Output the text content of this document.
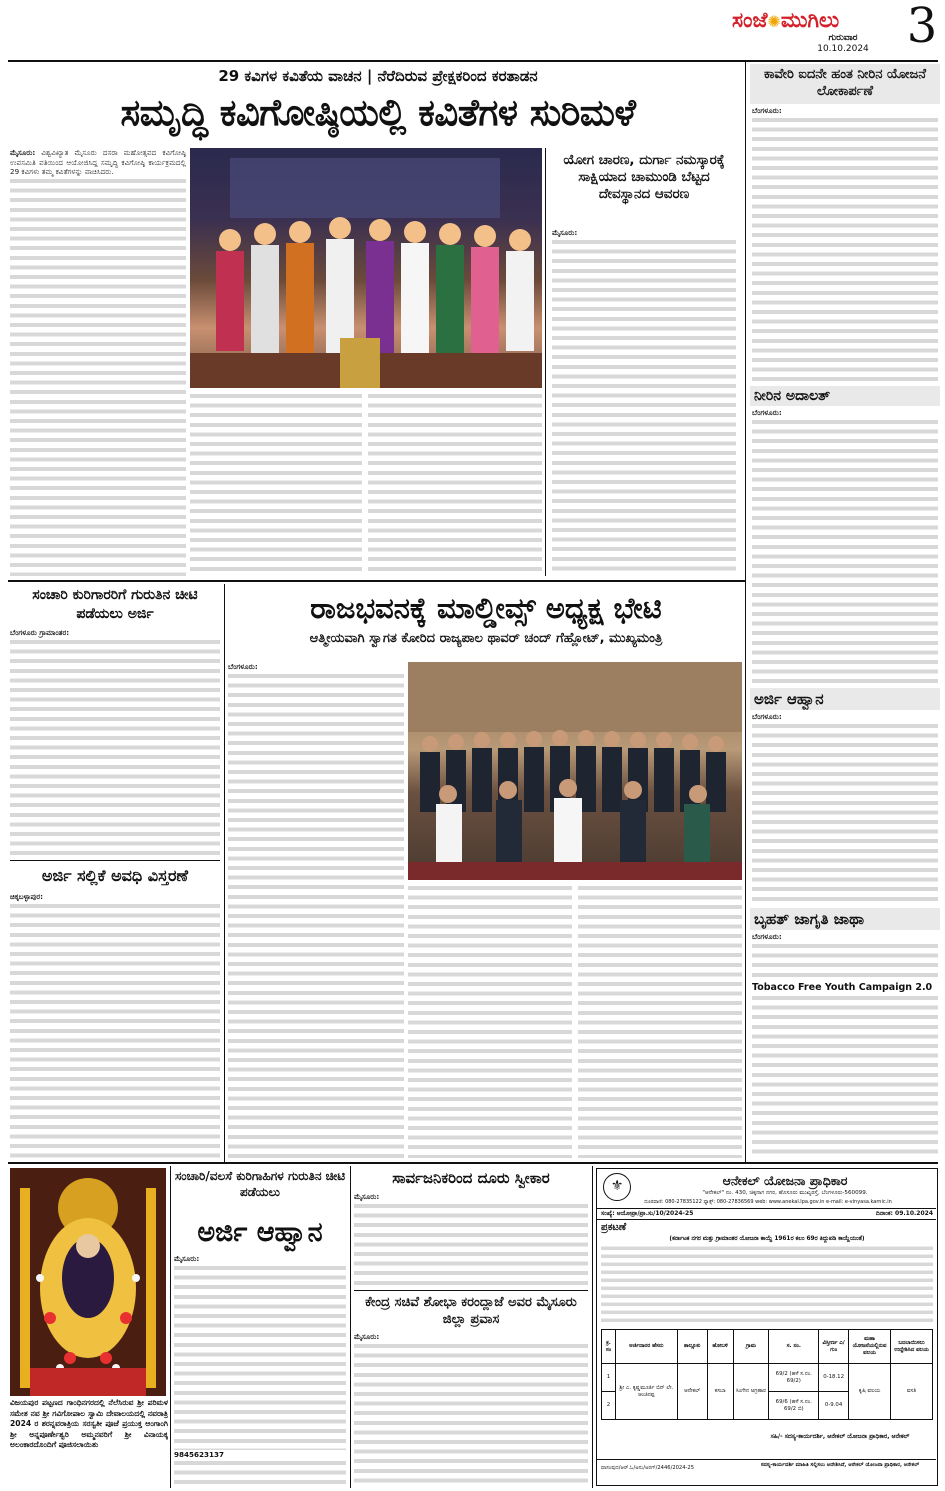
ಸಂಜೆ✺ಮುಗಿಲು
ಗುರುವಾರ
10.10.2024 3
29 ಕವಿಗಳ ಕವಿತೆಯ ವಾಚನ | ನೆರೆದಿರುವ ಪ್ರೇಕ್ಷಕರಿಂದ ಕರತಾಡನ
ಸಮೃದ್ಧಿ ಕವಿಗೋಷ್ಠಿಯಲ್ಲಿ ಕವಿತೆಗಳ ಸುರಿಮಳೆ
ಮೈಸೂರು: ವಿಶ್ವವಿಖ್ಯಾತ ಮೈಸೂರು ದಸರಾ ಮಹೋತ್ಸವದ ಕವಿಗೋಷ್ಠಿ ಉಪಸಮಿತಿ ವತಿಯಿಂದ ಆಯೋಜಿಸಿದ್ದ ಸಮೃದ್ಧಿ ಕವಿಗೋಷ್ಠಿ ಕಾರ್ಯಕ್ರಮದಲ್ಲಿ 29 ಕವಿಗಳು ತಮ್ಮ ಕವಿತೆಗಳನ್ನು ವಾಚಿಸಿದರು.
ಯೋಗ ಚಾರಣ, ದುರ್ಗಾ ನಮಸ್ಕಾರಕ್ಕೆ ಸಾಕ್ಷಿಯಾದ ಚಾಮುಂಡಿ ಬೆಟ್ಟದ ದೇವಸ್ಥಾನದ ಆವರಣ
ಮೈಸೂರು:
ಕಾವೇರಿ ಐದನೇ ಹಂತ ನೀರಿನ ಯೋಜನೆ ಲೋಕಾರ್ಪಣೆ
ಬೆಂಗಳೂರು:
ನೀರಿನ ಅದಾಲತ್
ಬೆಂಗಳೂರು:
ಅರ್ಜಿ ಆಹ್ವಾನ
ಬೆಂಗಳೂರು:
ಬೃಹತ್ ಜಾಗೃತಿ ಜಾಥಾ
ಬೆಂಗಳೂರು:
Tobacco Free Youth Campaign 2.0
ಸಂಚಾರಿ ಕುರಿಗಾರರಿಗೆ ಗುರುತಿನ ಚೀಟಿ ಪಡೆಯಲು ಅರ್ಜಿ
ಬೆಂಗಳೂರು ಗ್ರಾಮಾಂತರ:
ಅರ್ಜಿ ಸಲ್ಲಿಕೆ ಅವಧಿ ವಿಸ್ತರಣೆ
ಚಿಕ್ಕಬಳ್ಳಾಪುರ:
ರಾಜಭವನಕ್ಕೆ ಮಾಲ್ಡೀವ್ಸ್ ಅಧ್ಯಕ್ಷ ಭೇಟಿ
ಆತ್ಮೀಯವಾಗಿ ಸ್ವಾಗತ ಕೋರಿದ ರಾಜ್ಯಪಾಲ ಥಾವರ್ ಚಂದ್ ಗೆಹ್ಲೋಟ್, ಮುಖ್ಯಮಂತ್ರಿ
ಬೆಂಗಳೂರು:
ವಿಜಯಪುರ ಪಟ್ಟಣದ ಗಾಂಧಿನಗರದಲ್ಲಿ ನೆಲೆಸಿರುವ ಶ್ರೀ ಪರಿಮಳ ಸಮೇತ ನವ ಶ್ರೀ ಗವಿಗೋಪಾಲ ಸ್ವಾಮಿ ದೇವಾಲಯದಲ್ಲಿ ನವರಾತ್ರಿ 2024 ರ ಶರನ್ನವರಾತ್ರಿಯ ಸರಸ್ವತೀ ಪೂಜೆ ಪ್ರಯುಕ್ತ ಆಂಗಾಂಗಿ ಶ್ರೀ ಅನ್ನಪೂರ್ಣೇಶ್ವರಿ ಅಮ್ಮನವರಿಗೆ ಶ್ರೀ ವಿನಾಯಕ್ಕ ಅಲಂಕಾರದೊಂದಿಗೆ ಪೂಜಿಸಲಾಯಿತು
ಸಂಚಾರಿ/ವಲಸೆ ಕುರಿಗಾಹಿಗಳ ಗುರುತಿನ ಚೀಟಿ ಪಡೆಯಲು
ಅರ್ಜಿ ಆಹ್ವಾನ
ಮೈಸೂರು:
9845623137
ಸಾರ್ವಜನಿಕರಿಂದ ದೂರು ಸ್ವೀಕಾರ
ಮೈಸೂರು:
ಕೇಂದ್ರ ಸಚಿವೆ ಶೋಭಾ ಕರಂದ್ಲಾಜೆ ಅವರ ಮೈಸೂರು ಜಿಲ್ಲಾ ಪ್ರವಾಸ
ಮೈಸೂರು:
⚜	ಆನೇಕಲ್ ಯೋಜನಾ ಪ್ರಾಧಿಕಾರ
"ಆನೇಕಲ್" ನಂ. 430, ಚಿಕ್ಕನಾಗ ನಗರ, ಹೊಸೂರು ಮುಖ್ಯರಸ್ತೆ, ಬೆಂಗಳೂರು-560099.
ದೂರವಾಣಿ: 080-27835122 ಫ್ಯಾಕ್ಸ್: 080-27836569 web: www.anekal.lpa.gov.in e-mail: e-vinyasa.karnic.in
ಸಂಖ್ಯೆ: ಆಯೋಪ್ರಾ/ಪ್ರಾ.ಸು/10/2024-25	ದಿನಾಂಕ: 09.10.2024
ಪ್ರಕಟಣೆ
(ಕರ್ನಾಟಕ ನಗರ ಮತ್ತು ಗ್ರಾಮಾಂತರ ಯೋಜನಾ ಕಾಯ್ದೆ 1961ರ ಕಲಂ 69ರ ತಿದ್ದುಪಡಿ ಕಾಯ್ದೆಯಂತೆ)
ಕ್ರ. ಸಂ	ಅರ್ಜಿದಾರರ ಹೆಸರು	ತಾಲ್ಲೂಕು	ಹೋಬಳಿ	ಗ್ರಾಮ	ಸ. ನಂ.	ವಿಸ್ತೀರ್ಣ ಎ/ಗುಂ	ಮಹಾ ಯೋಜನೆಯಲ್ಲಿರುವ ವಲಯ	ಬದಲಾಯಿಸಲು ಉದ್ದೇಶಿಸಿದ ವಲಯ
1	ಶ್ರೀ ಎ. ಕೃಷ್ಣಮೂರ್ತಿ ಬಿನ್ ಲೇ. ಆಂಜಿನಪ್ಪ	ಆನೇಕಲ್	ಕಸಬಾ	ಸಿಂಗೇನ ಅಗ್ರಹಾರ	69/2 (ಹಳೆ ಸ.ನಂ. 69/2)	0-18.12	ಕೃಷಿ ವಲಯ	ವಸತಿ
2					69/6 (ಹಳೆ ಸ.ನಂ. 69/2 ಬಿ)	0-9.04		
ಸಹಿ/- ಸದಸ್ಯ-ಕಾರ್ಯದರ್ಶಿ, ಆನೇಕಲ್ ಯೋಜನಾ ಪ್ರಾಧಿಕಾರ, ಆನೇಕಲ್
ವಾಸಂಪುದ/ಆರ್.ಓ/ಅನು/ಅರಗ್/2446/2024-25	ಸದಸ್ಯ-ಕಾರ್ಯದರ್ಶಿ ಮಾಹಿತಿ ಸಲ್ಲಿಸಲು ಆದೇಶಿಸಿದೆ, ಆನೇಕಲ್ ಯೋಜನಾ ಪ್ರಾಧಿಕಾರ, ಆನೇಕಲ್
